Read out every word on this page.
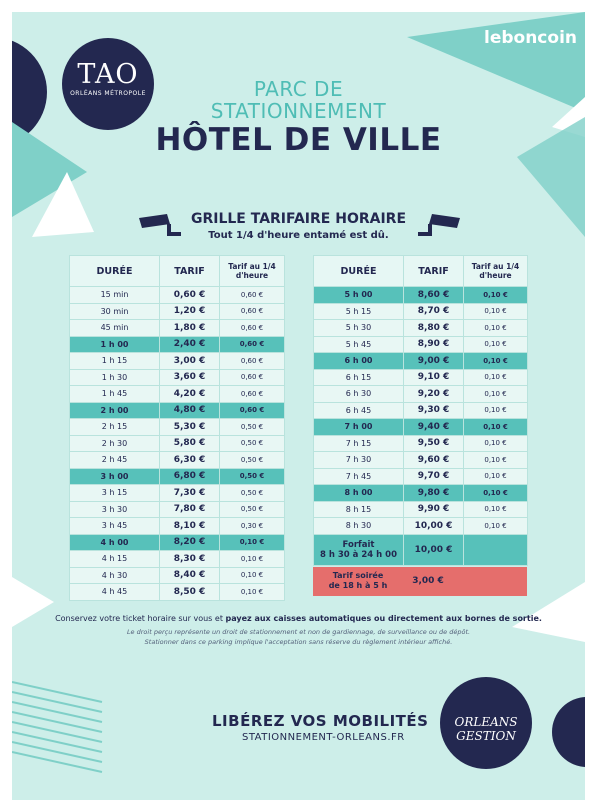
TAO
ORLÉANS MÉTROPOLE
leboncoin
PARC DE
STATIONNEMENT
HÔTEL DE VILLE
GRILLE TARIFAIRE HORAIRE
Tout 1/4 d'heure entamé est dû.
DURÉE	TARIF	Tarif au 1/4 d'heure
15 min	0,60 €	0,60 €
30 min	1,20 €	0,60 €
45 min	1,80 €	0,60 €
1 h 00	2,40 €	0,60 €
1 h 15	3,00 €	0,60 €
1 h 30	3,60 €	0,60 €
1 h 45	4,20 €	0,60 €
2 h 00	4,80 €	0,60 €
2 h 15	5,30 €	0,50 €
2 h 30	5,80 €	0,50 €
2 h 45	6,30 €	0,50 €
3 h 00	6,80 €	0,50 €
3 h 15	7,30 €	0,50 €
3 h 30	7,80 €	0,50 €
3 h 45	8,10 €	0,30 €
4 h 00	8,20 €	0,10 €
4 h 15	8,30 €	0,10 €
4 h 30	8,40 €	0,10 €
4 h 45	8,50 €	0,10 €
DURÉE	TARIF	Tarif au 1/4 d'heure
5 h 00	8,60 €	0,10 €
5 h 15	8,70 €	0,10 €
5 h 30	8,80 €	0,10 €
5 h 45	8,90 €	0,10 €
6 h 00	9,00 €	0,10 €
6 h 15	9,10 €	0,10 €
6 h 30	9,20 €	0,10 €
6 h 45	9,30 €	0,10 €
7 h 00	9,40 €	0,10 €
7 h 15	9,50 €	0,10 €
7 h 30	9,60 €	0,10 €
7 h 45	9,70 €	0,10 €
8 h 00	9,80 €	0,10 €
8 h 15	9,90 €	0,10 €
8 h 30	10,00 €	0,10 €

Forfait
8 h 30 à 24 h 00	10,00 €	
Tarif soirée
de 18 h à 5 h	3,00 €
Conservez votre ticket horaire sur vous et payez aux caisses automatiques ou directement aux bornes de sortie.
Le droit perçu représente un droit de stationnement et non de gardiennage, de surveillance ou de dépôt.
Stationner dans ce parking implique l'acceptation sans réserve du règlement intérieur affiché.
LIBÉREZ VOS MOBILITÉS
STATIONNEMENT-ORLEANS.FR
ORLEANS GESTION
